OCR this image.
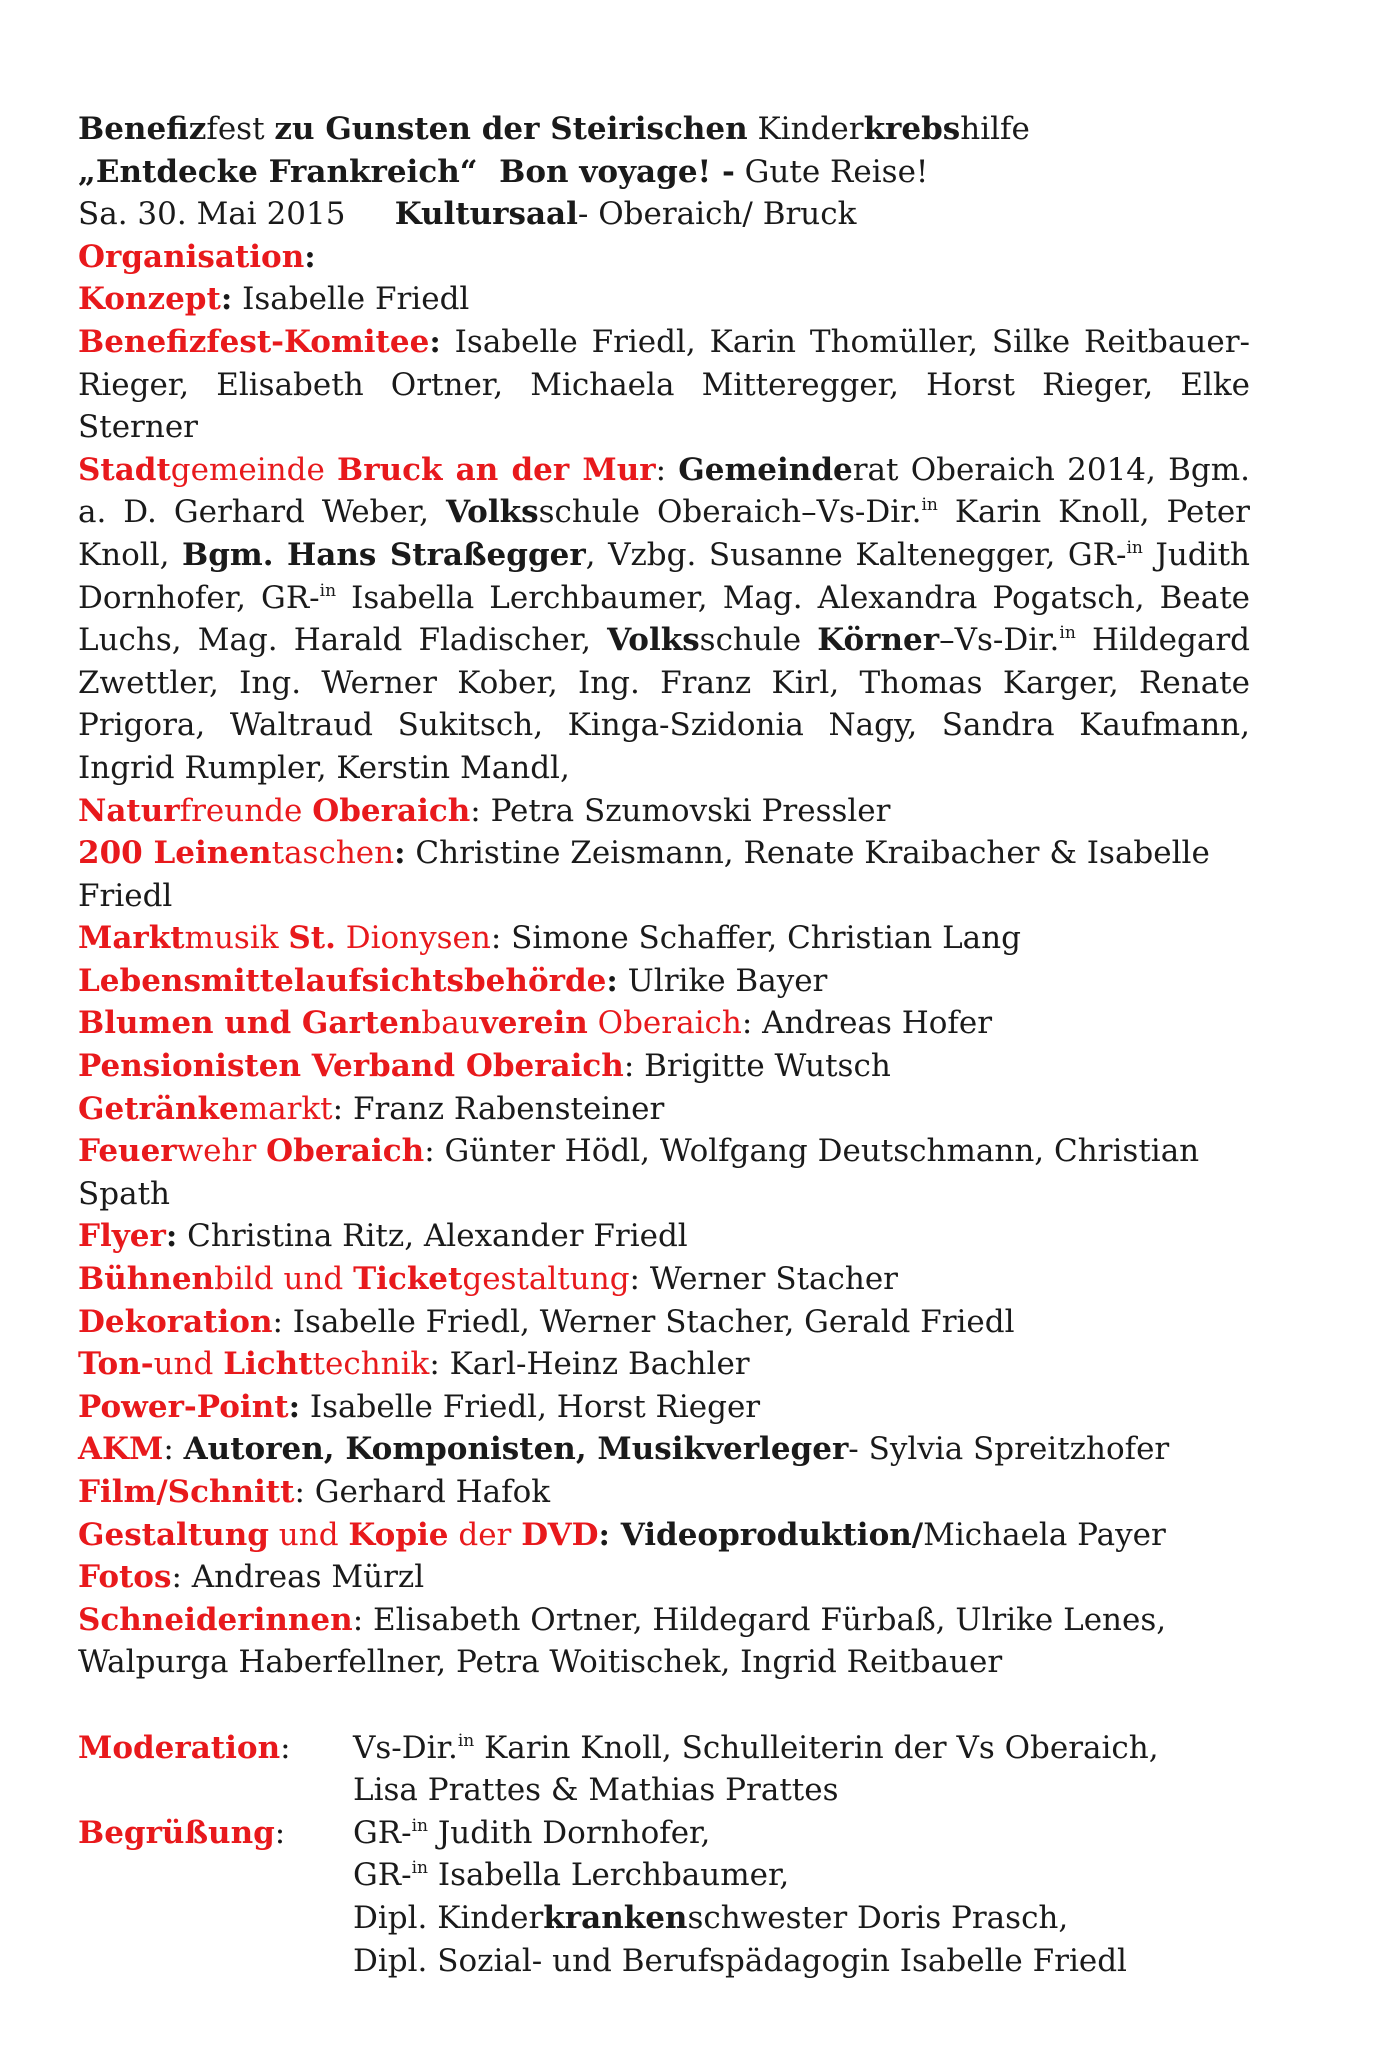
Benefizfest zu Gunsten der Steirischen Kinderkrebshilfe
„Entdecke Frankreich“  Bon voyage! - Gute Reise!
Sa. 30. Mai 2015     Kultursaal- Oberaich/ Bruck
Organisation:
Konzept: Isabelle Friedl
Benefizfest-Komitee: Isabelle Friedl, Karin Thomüller, Silke Reitbauer-Rieger, Elisabeth Ortner, Michaela Mitteregger, Horst Rieger, Elke Sterner
Stadtgemeinde Bruck an der Mur: Gemeinderat Oberaich 2014, Bgm. a. D. Gerhard Weber, Volksschule Oberaich–Vs-Dir.$^{in}$ Karin Knoll, Peter Knoll, Bgm. Hans Straßegger, Vzbg. Susanne Kaltenegger, GR-$^{in}$ Judith Dornhofer, GR-$^{in}$ Isabella Lerchbaumer, Mag. Alexandra Pogatsch, Beate Luchs, Mag. Harald Fladischer, Volksschule Körner–Vs-Dir.$^{in}$ Hildegard Zwettler, Ing. Werner Kober, Ing. Franz Kirl, Thomas Karger, Renate Prigora, Waltraud Sukitsch, Kinga-Szidonia Nagy, Sandra Kaufmann, Ingrid Rumpler, Kerstin Mandl,
Naturfreunde Oberaich: Petra Szumovski Pressler
200 Leinentaschen: Christine Zeismann, Renate Kraibacher & Isabelle Friedl
Marktmusik St. Dionysen: Simone Schaffer, Christian Lang
Lebensmittelaufsichtsbehörde: Ulrike Bayer
Blumen und Gartenbauverein Oberaich: Andreas Hofer
Pensionisten Verband Oberaich: Brigitte Wutsch
Getränkemarkt: Franz Rabensteiner
Feuerwehr Oberaich: Günter Hödl, Wolfgang Deutschmann, Christian Spath
Flyer: Christina Ritz, Alexander Friedl
Bühnenbild und Ticketgestaltung: Werner Stacher
Dekoration: Isabelle Friedl, Werner Stacher, Gerald Friedl
Ton-und Lichttechnik: Karl-Heinz Bachler
Power-Point: Isabelle Friedl, Horst Rieger
AKM: Autoren, Komponisten, Musikverleger- Sylvia Spreitzhofer
Film/Schnitt: Gerhard Hafok
Gestaltung und Kopie der DVD: Videoproduktion/Michaela Payer
Fotos: Andreas Mürzl
Schneiderinnen: Elisabeth Ortner, Hildegard Fürbaß, Ulrike Lenes,
Walpurga Haberfellner, Petra Woitischek, Ingrid Reitbauer
Moderation:	Vs-Dir.$^{in}$ Karin Knoll, Schulleiterin der Vs Oberaich,
Lisa Prattes & Mathias Prattes
Begrüßung:	GR-$^{in}$ Judith Dornhofer,
GR-$^{in}$ Isabella Lerchbaumer,
Dipl. Kinderkrankenschwester Doris Prasch,
Dipl. Sozial- und Berufspädagogin Isabelle Friedl
